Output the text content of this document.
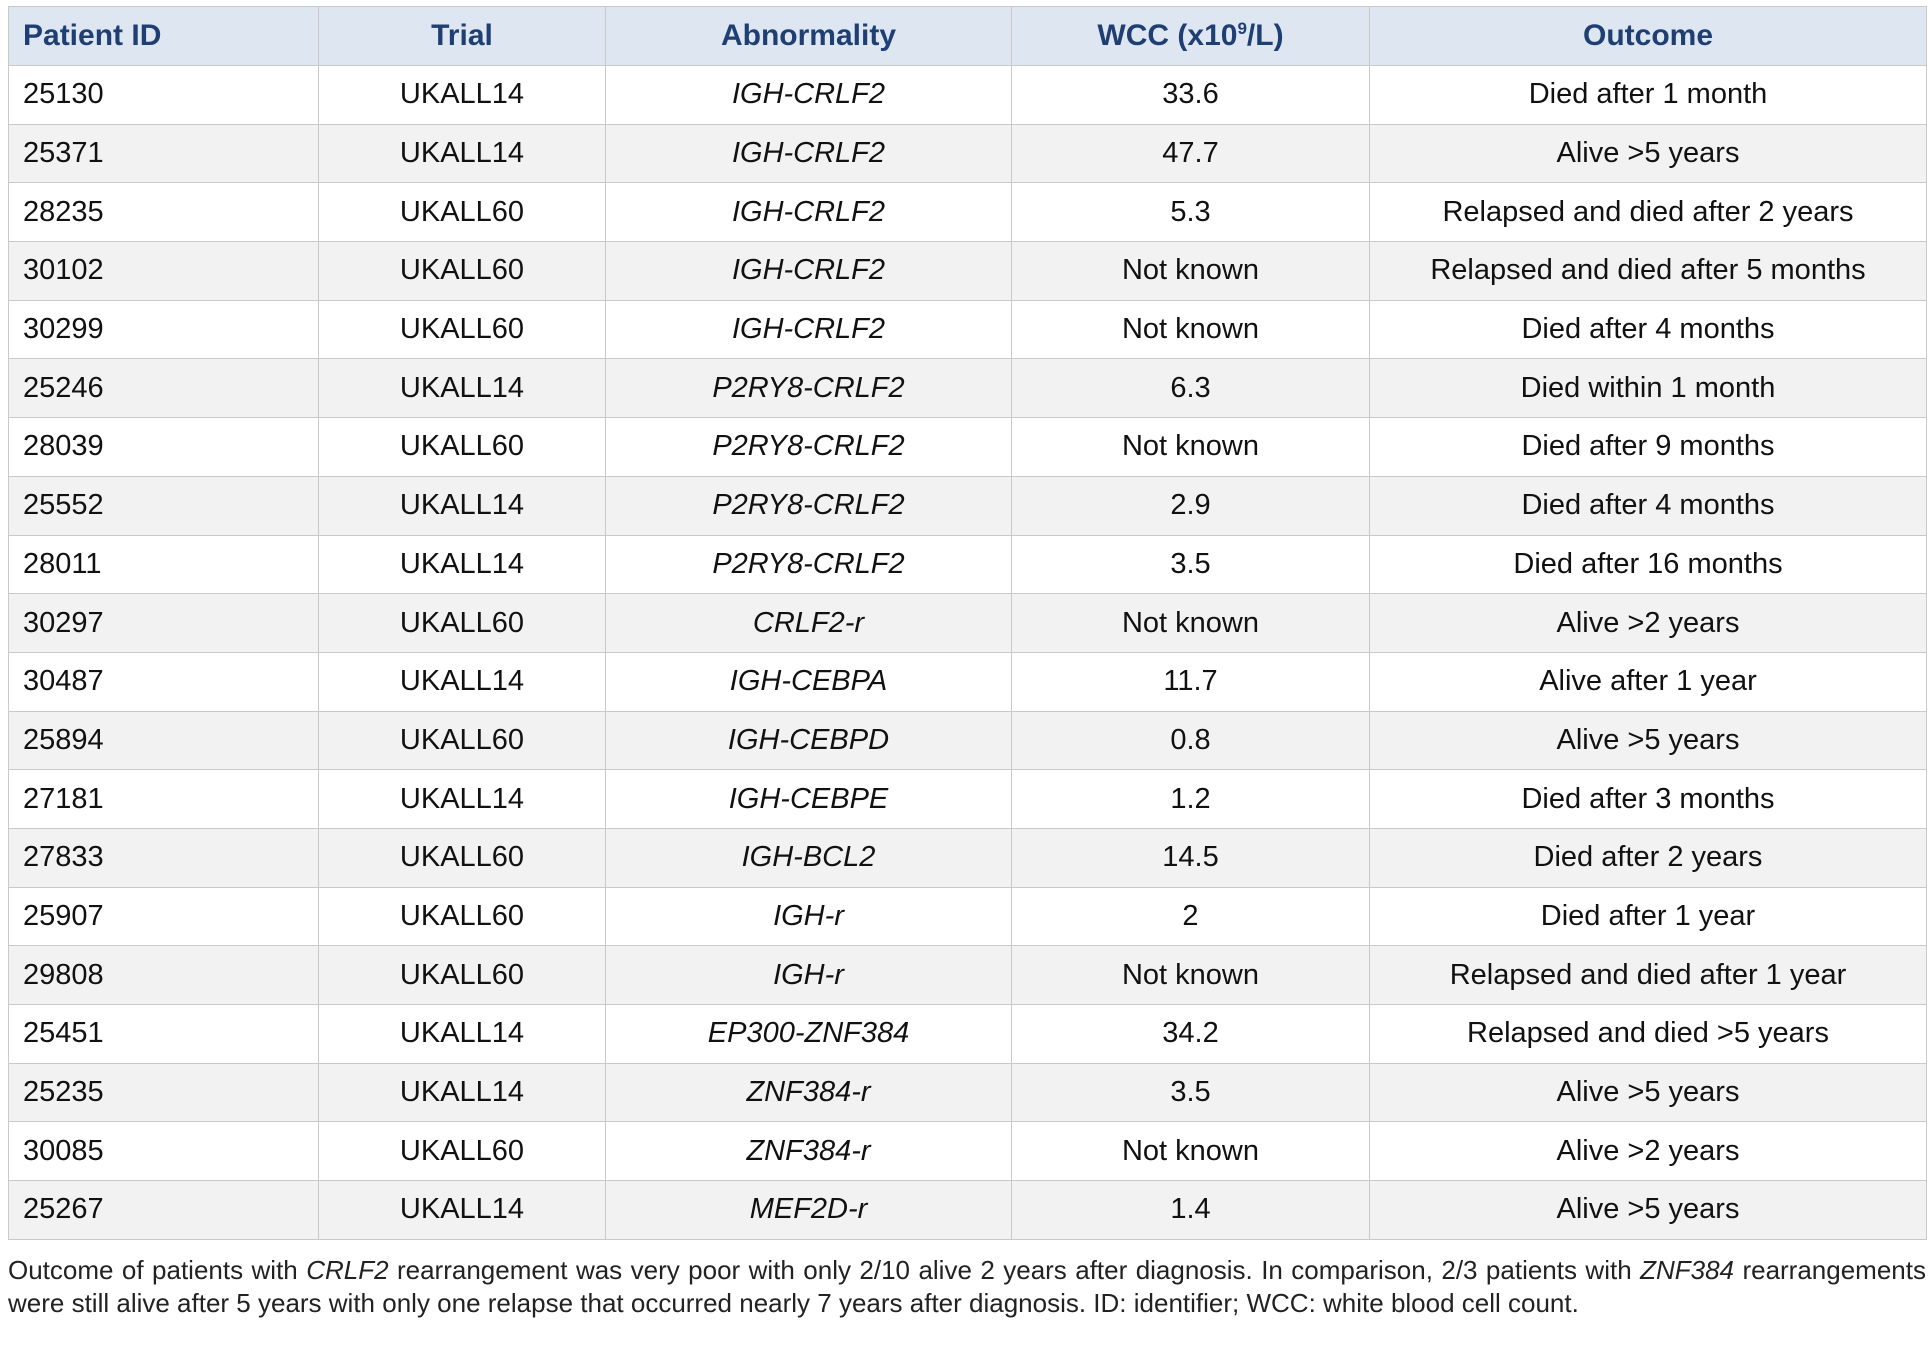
Patient ID	Trial	Abnormality	WCC $(x10^9/L)$	Outcome
25130	UKALL14	IGH-CRLF2	33.6	Died after 1 month
25371	UKALL14	IGH-CRLF2	47.7	Alive >5 years
28235	UKALL60	IGH-CRLF2	5.3	Relapsed and died after 2 years
30102	UKALL60	IGH-CRLF2	Not known	Relapsed and died after 5 months
30299	UKALL60	IGH-CRLF2	Not known	Died after 4 months
25246	UKALL14	P2RY8-CRLF2	6.3	Died within 1 month
28039	UKALL60	P2RY8-CRLF2	Not known	Died after 9 months
25552	UKALL14	P2RY8-CRLF2	2.9	Died after 4 months
28011	UKALL14	P2RY8-CRLF2	3.5	Died after 16 months
30297	UKALL60	CRLF2-r	Not known	Alive >2 years
30487	UKALL14	IGH-CEBPA	11.7	Alive after 1 year
25894	UKALL60	IGH-CEBPD	0.8	Alive >5 years
27181	UKALL14	IGH-CEBPE	1.2	Died after 3 months
27833	UKALL60	IGH-BCL2	14.5	Died after 2 years
25907	UKALL60	IGH-r	2	Died after 1 year
29808	UKALL60	IGH-r	Not known	Relapsed and died after 1 year
25451	UKALL14	EP300-ZNF384	34.2	Relapsed and died >5 years
25235	UKALL14	ZNF384-r	3.5	Alive >5 years
30085	UKALL60	ZNF384-r	Not known	Alive >2 years
25267	UKALL14	MEF2D-r	1.4	Alive >5 years
Outcome of patients with CRLF2 rearrangement was very poor with only 2/10 alive 2 years after diagnosis. In comparison, 2/3 patients with ZNF384 rearrangements were still alive after 5 years with only one relapse that occurred nearly 7 years after diagnosis. ID: identifier; WCC: white blood cell count.
